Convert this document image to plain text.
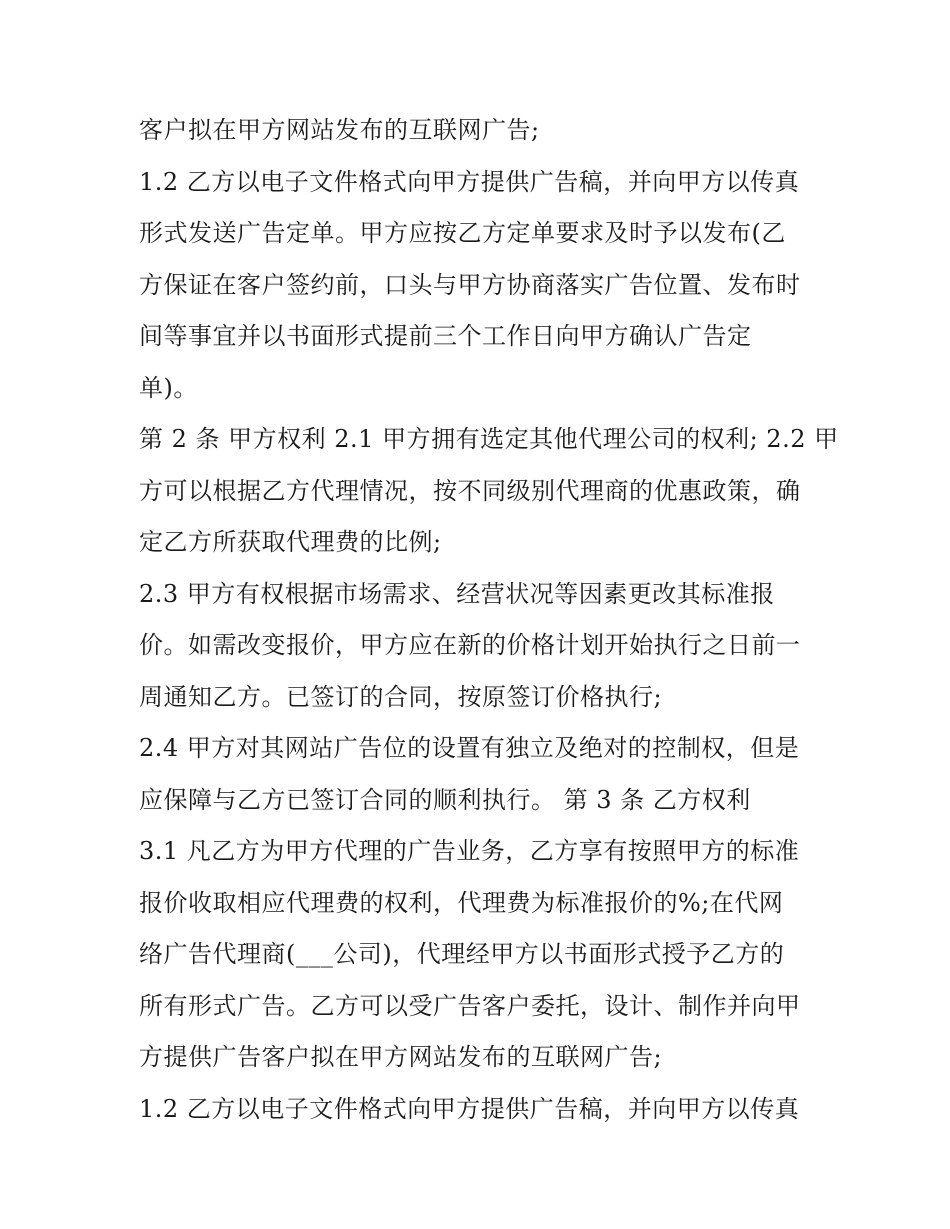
客户拟在甲方网站发布的互联网广告;
1.2 乙方以电子文件格式向甲方提供广告稿，并向甲方以传真
形式发送广告定单。甲方应按乙方定单要求及时予以发布(乙
方保证在客户签约前，口头与甲方协商落实广告位置、发布时
间等事宜并以书面形式提前三个工作日向甲方确认广告定
单)。
第 2 条 甲方权利 2.1 甲方拥有选定其他代理公司的权利; 2.2 甲
方可以根据乙方代理情况，按不同级别代理商的优惠政策，确
定乙方所获取代理费的比例;
2.3 甲方有权根据市场需求、经营状况等因素更改其标准报
价。如需改变报价，甲方应在新的价格计划开始执行之日前一
周通知乙方。已签订的合同，按原签订价格执行;
2.4 甲方对其网站广告位的设置有独立及绝对的控制权，但是
应保障与乙方已签订合同的顺利执行。 第 3 条 乙方权利
3.1 凡乙方为甲方代理的广告业务，乙方享有按照甲方的标准
报价收取相应代理费的权利，代理费为标准报价的%;在代网
络广告代理商(___公司)，代理经甲方以书面形式授予乙方的
所有形式广告。乙方可以受广告客户委托，设计、制作并向甲
方提供广告客户拟在甲方网站发布的互联网广告;
1.2 乙方以电子文件格式向甲方提供广告稿，并向甲方以传真
